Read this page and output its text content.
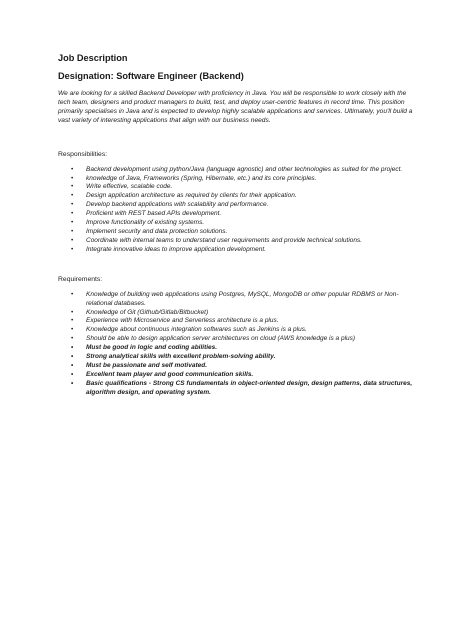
Job Description

Designation: Software Engineer (Backend)

We are looking for a skilled Backend Developer with proficiency in Java. You will be responsible to work closely with the tech team, designers and product managers to build, test, and deploy user-centric features in record time. This position primarily specialises in Java and is expected to develop highly scalable applications and services. Ultimately, you'll build a vast variety of interesting applications that align with our business needs.

Responsibilities:

• Backend development using python/Java (language agnostic) and other technologies as suited for the project.
• knowledge of Java, Frameworks (Spring, Hibernate, etc.) and its core principles.
• Write effective, scalable code.
• Design application architecture as required by clients for their application.
• Develop backend applications with scalability and performance.
• Proficient with REST based APIs development.
• Improve functionality of existing systems.
• Implement security and data protection solutions.
• Coordinate with internal teams to understand user requirements and provide technical solutions.
• Integrate innovative ideas to improve application development.

Requirements:

• Knowledge of building web applications using Postgres, MySQL, MongoDB or other popular RDBMS or Non-relational databases.
• Knowledge of Git (Github/Gitlab/Bitbucket)
• Experience with Microservice and Serverless architecture is a plus.
• Knowledge about continuous integration softwares such as Jenkins is a plus.
• Should be able to design application server architectures on cloud (AWS knowledge is a plus)
• Must be good in logic and coding abilities.
• Strong analytical skills with excellent problem-solving ability.
• Must be passionate and self motivated.
• Excellent team player and good communication skills.
• Basic qualifications - Strong CS fundamentals in object-oriented design, design patterns, data structures, algorithm design, and operating system.
